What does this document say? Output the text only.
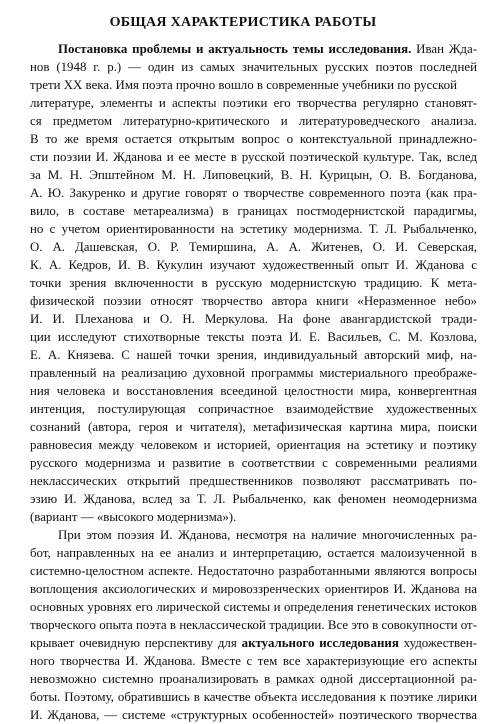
ОБЩАЯ ХАРАКТЕРИСТИКА РАБОТЫ
Постановка проблемы и актуальность темы исследования. Иван Жда-
нов (1948 г. р.) — один из самых значительных русских поэтов последней
трети XX века. Имя поэта прочно вошло в современные учебники по русской
литературе, элементы и аспекты поэтики его творчества регулярно становят-
ся предметом литературно-критического и литературоведческого анализа.
В то же время остается открытым вопрос о контекстуальной принадлежно-
сти поэзии И. Жданова и ее месте в русской поэтической культуре. Так, вслед
за М. Н. Эпштейном М. Н. Липовецкий, В. Н. Курицын, О. В. Богданова,
А. Ю. Закуренко и другие говорят о творчестве современного поэта (как пра-
вило, в составе метареализма) в границах постмодернистской парадигмы,
но с учетом ориентированности на эстетику модернизма. Т. Л. Рыбальченко,
О. А. Дашевская, О. Р. Темиршина, А. А. Житенев, О. И. Северская,
К. А. Кедров, И. В. Кукулин изучают художественный опыт И. Жданова с
точки зрения включенности в русскую модернистскую традицию. К мета-
физической поэзии относят творчество автора книги «Неразменное небо»
И. И. Плеханова и О. Н. Меркулова. На фоне авангардистской тради-
ции исследуют стихотворные тексты поэта И. Е. Васильев, С. М. Козлова,
Е. А. Князева. С нашей точки зрения, индивидуальный авторский миф, на-
правленный на реализацию духовной программы мистериального преображе-
ния человека и восстановления всеединой целостности мира, конвергентная
интенция, постулирующая сопричастное взаимодействие художественных
сознаний (автора, героя и читателя), метафизическая картина мира, поиски
равновесия между человеком и историей, ориентация на эстетику и поэтику
русского модернизма и развитие в соответствии с современными реалиями
неклассических открытий предшественников позволяют рассматривать по-
эзию И. Жданова, вслед за Т. Л. Рыбальченко, как феномен неомодернизма
(вариант — «высокого модернизма»).
При этом поэзия И. Жданова, несмотря на наличие многочисленных ра-
бот, направленных на ее анализ и интерпретацию, остается малоизученной в
системно-целостном аспекте. Недостаточно разработанными являются вопросы
воплощения аксиологических и мировоззренческих ориентиров И. Жданова на
основных уровнях его лирической системы и определения генетических истоков
творческого опыта поэта в неклассической традиции. Все это в совокупности от-
крывает очевидную перспективу для актуального исследования художествен-
ного творчества И. Жданова. Вместе с тем все характеризующие его аспекты
невозможно системно проанализировать в рамках одной диссертационной ра-
боты. Поэтому, обратившись в качестве объекта исследования к поэтике лирики
И. Жданова, — системе «структурных особенностей» поэтического творчества
